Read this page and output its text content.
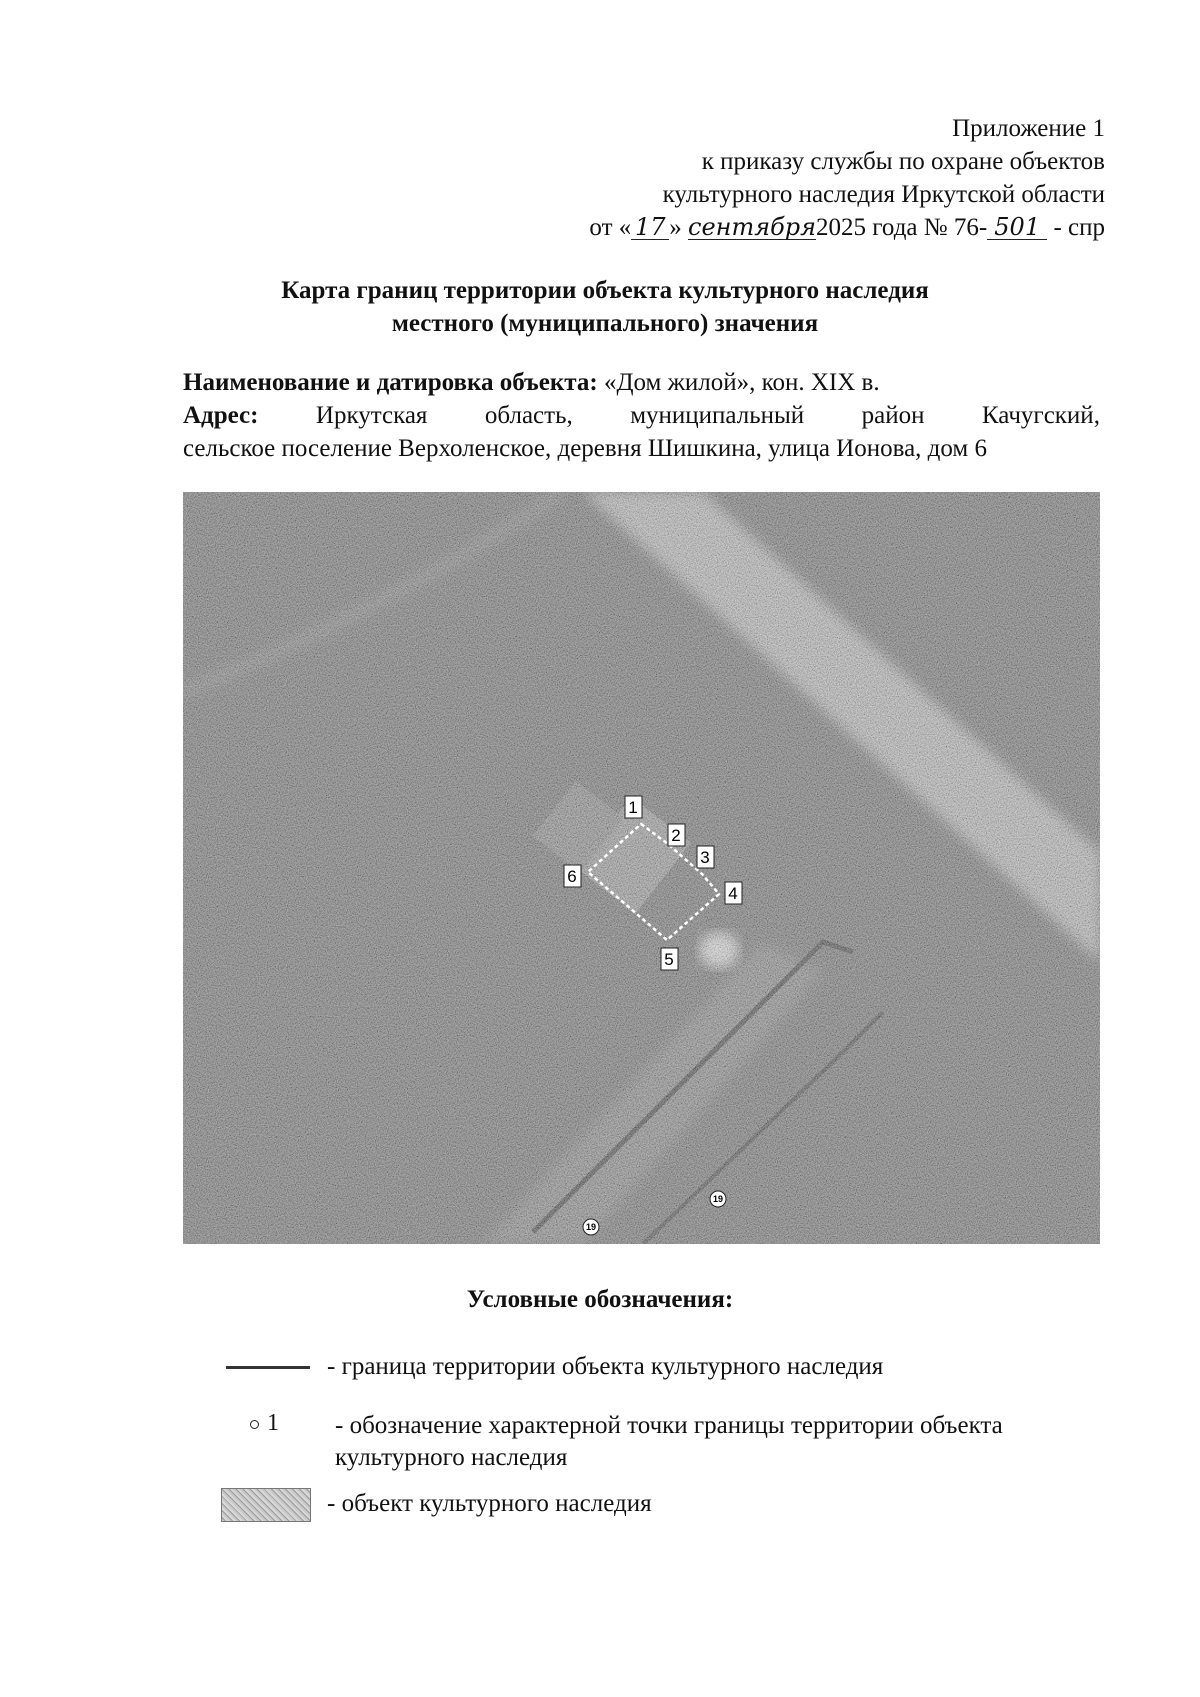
Приложение 1
к приказу службы по охране объектов
культурного наследия Иркутской области
от « 17 » сентября2025 года № 76- 501 - спр
Карта границ территории объекта культурного наследия
местного (муниципального) значения
Наименование и датировка объекта: «Дом жилой», кон. XIX в.
Адрес: Иркутская область, муниципальный район Качугский,
сельское поселение Верхоленское, деревня Шишкина, улица Ионова, дом 6
1
2
3
4
5
6
19
19
Условные обозначения:
- граница территории объекта культурного наследия
1 - обозначение характерной точки границы территории объекта
культурного наследия
- объект культурного наследия
